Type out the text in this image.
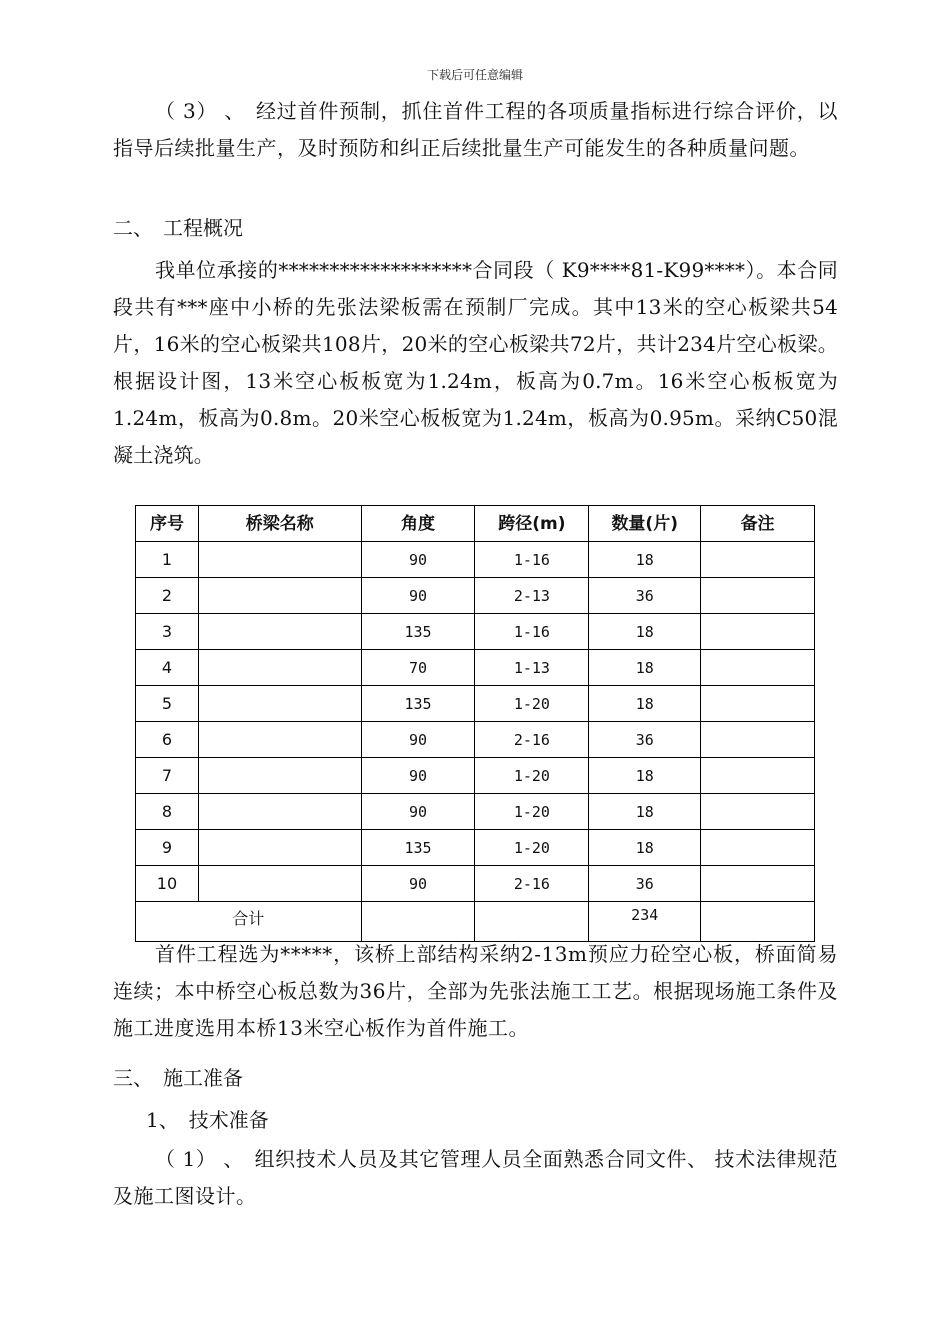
下载后可任意编辑

（ 3） 、　经过首件预制，抓住首件工程的各项质量指标进行综合评价，以指导后续批量生产，及时预防和纠正后续批量生产可能发生的各种质量问题。

二、　工程概况

我单位承接的*******************合同段（ K9****81-K99****）。本合同段共有***座中小桥的先张法梁板需在预制厂完成。其中13米的空心板梁共54片，16米的空心板梁共108片，20米的空心板梁共72片，共计234片空心板梁。根据设计图，13米空心板板宽为1.24m，板高为0.7m。16米空心板板宽为1.24m，板高为0.8m。20米空心板板宽为1.24m，板高为0.95m。采纳C50混凝土浇筑。

序号	桥梁名称	角度	跨径(m)	数量(片)	备注
1		90	1-16	18	
2		90	2-13	36	
3		135	1-16	18	
4		70	1-13	18	
5		135	1-20	18	
6		90	2-16	36	
7		90	1-20	18	
8		90	1-20	18	
9		135	1-20	18	
10		90	2-16	36	
合计				234	

首件工程选为*****，该桥上部结构采纳2-13m预应力砼空心板，桥面简易连续；本中桥空心板总数为36片，全部为先张法施工工艺。根据现场施工条件及施工进度选用本桥13米空心板作为首件施工。

三、　施工准备

1、　技术准备

（ 1） 、　组织技术人员及其它管理人员全面熟悉合同文件、 技术法律规范及施工图设计。
